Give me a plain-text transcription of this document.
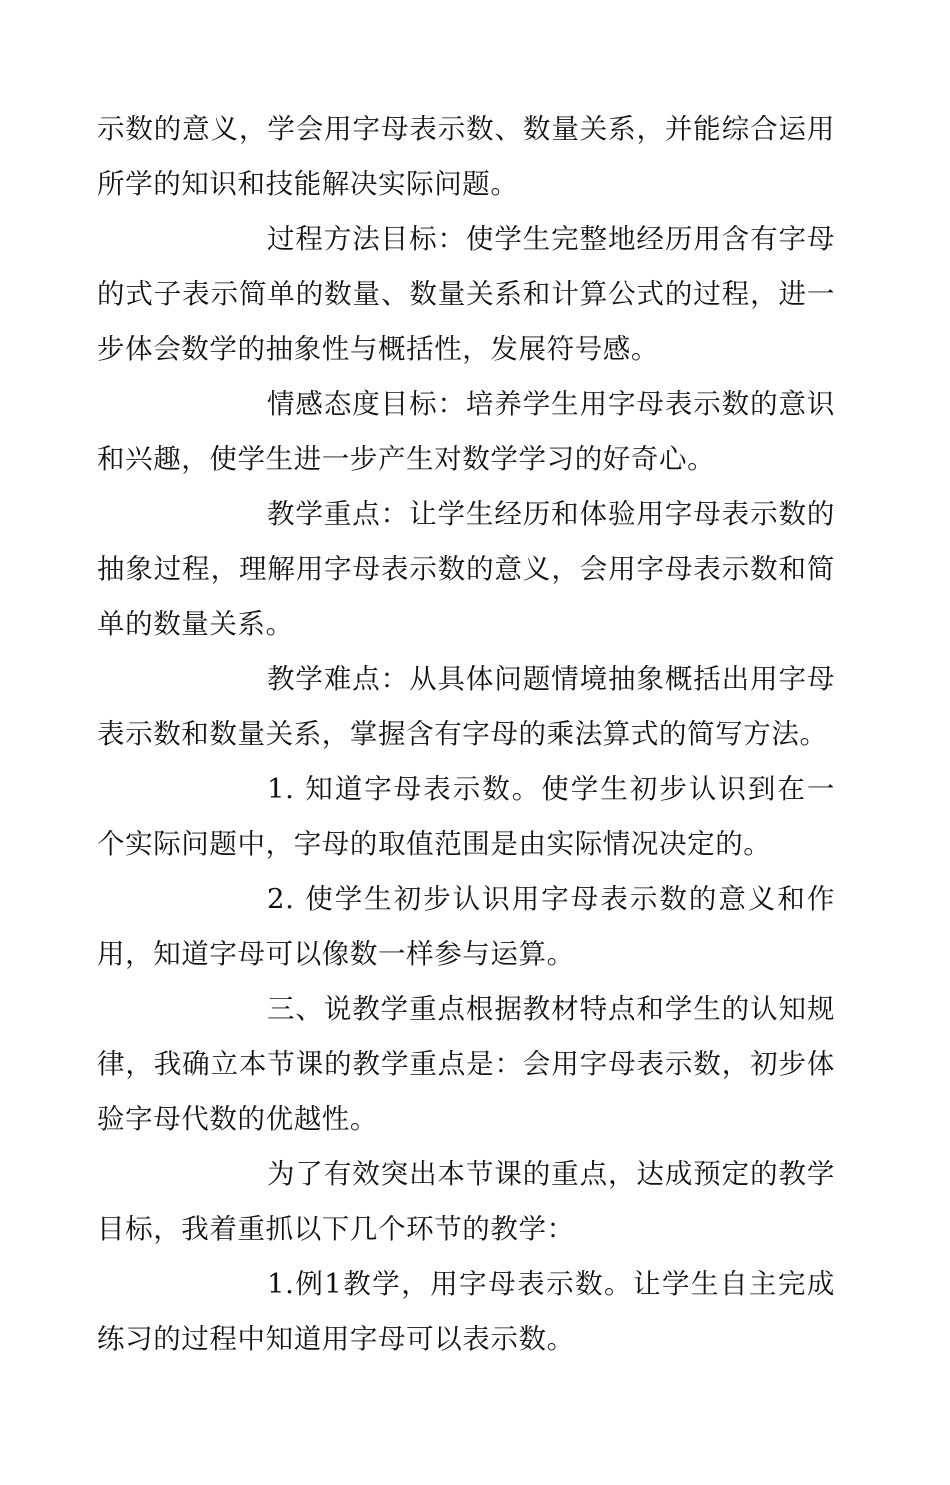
示数的意义，学会用字母表示数、数量关系，并能综合运用所学的知识和技能解决实际问题。

过程方法目标：使学生完整地经历用含有字母的式子表示简单的数量、数量关系和计算公式的过程，进一步体会数学的抽象性与概括性，发展符号感。

情感态度目标：培养学生用字母表示数的意识和兴趣，使学生进一步产生对数学学习的好奇心。

教学重点：让学生经历和体验用字母表示数的抽象过程，理解用字母表示数的意义，会用字母表示数和简单的数量关系。

教学难点：从具体问题情境抽象概括出用字母表示数和数量关系，掌握含有字母的乘法算式的简写方法。

1. 知道字母表示数。使学生初步认识到在一个实际问题中，字母的取值范围是由实际情况决定的。

2. 使学生初步认识用字母表示数的意义和作用，知道字母可以像数一样参与运算。

三、说教学重点根据教材特点和学生的认知规律，我确立本节课的教学重点是：会用字母表示数，初步体验字母代数的优越性。

为了有效突出本节课的重点，达成预定的教学目标，我着重抓以下几个环节的教学：

1.例1教学，用字母表示数。让学生自主完成练习的过程中知道用字母可以表示数。
